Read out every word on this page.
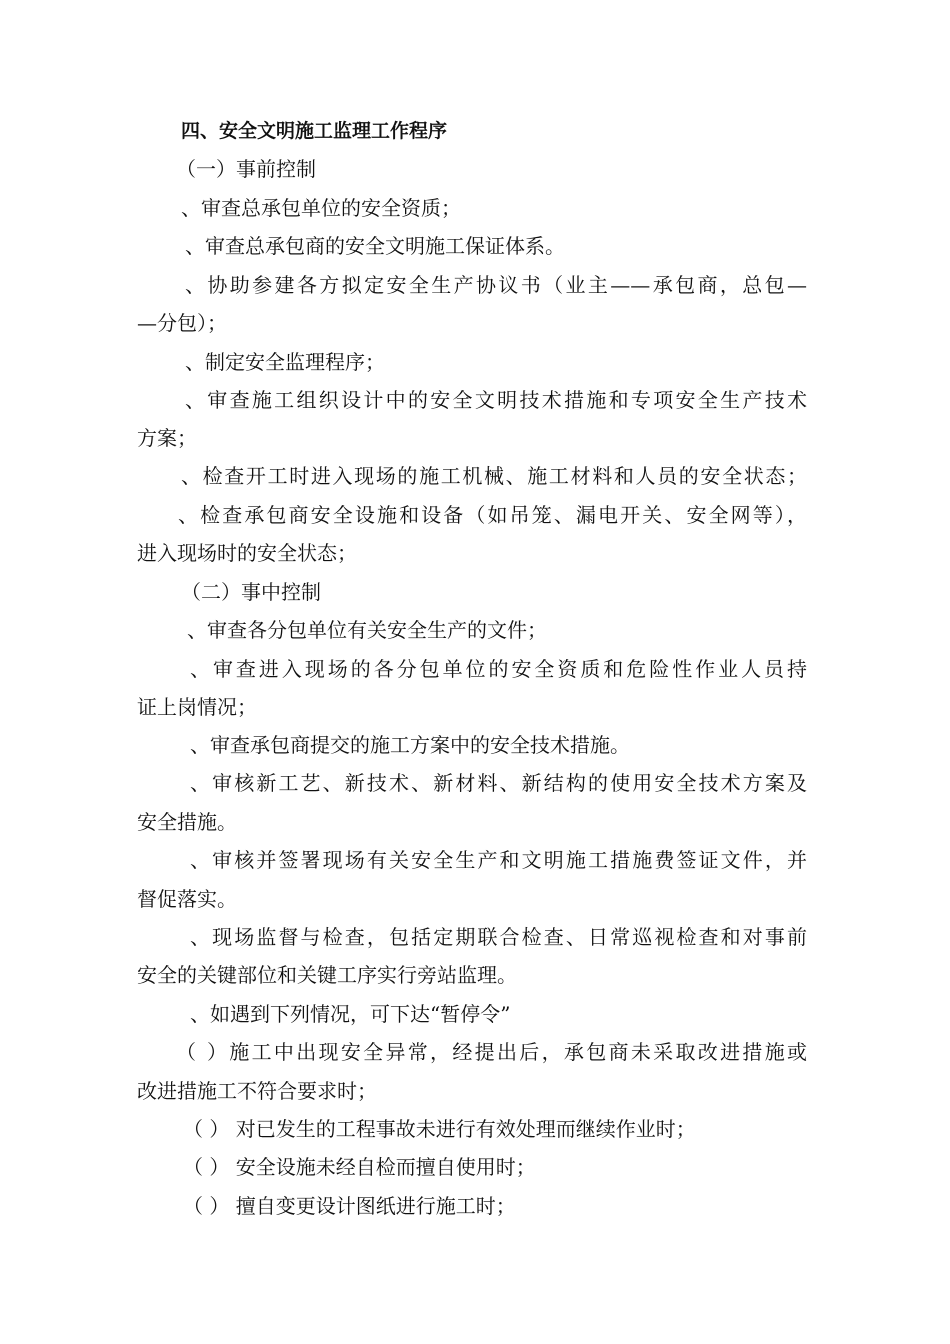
四、安全文明施工监理工作程序

（一）事前控制

、审查总承包单位的安全资质；

、审查总承包商的安全文明施工保证体系。

、协助参建各方拟定安全生产协议书（业主——承包商，总包—

—分包）；

、制定安全监理程序；

、审查施工组织设计中的安全文明技术措施和专项安全生产技术

方案；

、检查开工时进入现场的施工机械、施工材料和人员的安全状态；

、检查承包商安全设施和设备（如吊笼、漏电开关、安全网等），

进入现场时的安全状态；

（二）事中控制

、审查各分包单位有关安全生产的文件；

、审查进入现场的各分包单位的安全资质和危险性作业人员持

证上岗情况；

、审查承包商提交的施工方案中的安全技术措施。

、审核新工艺、新技术、新材料、新结构的使用安全技术方案及

安全措施。

、审核并签署现场有关安全生产和文明施工措施费签证文件，并

督促落实。

、现场监督与检查，包括定期联合检查、日常巡视检查和对事前

安全的关键部位和关键工序实行旁站监理。

、如遇到下列情况，可下达“暂停令”

（ ）施工中出现安全异常，经提出后，承包商未采取改进措施或

改进措施工不符合要求时；

（ ） 对已发生的工程事故未进行有效处理而继续作业时；

（ ） 安全设施未经自检而擅自使用时；

（ ） 擅自变更设计图纸进行施工时；
